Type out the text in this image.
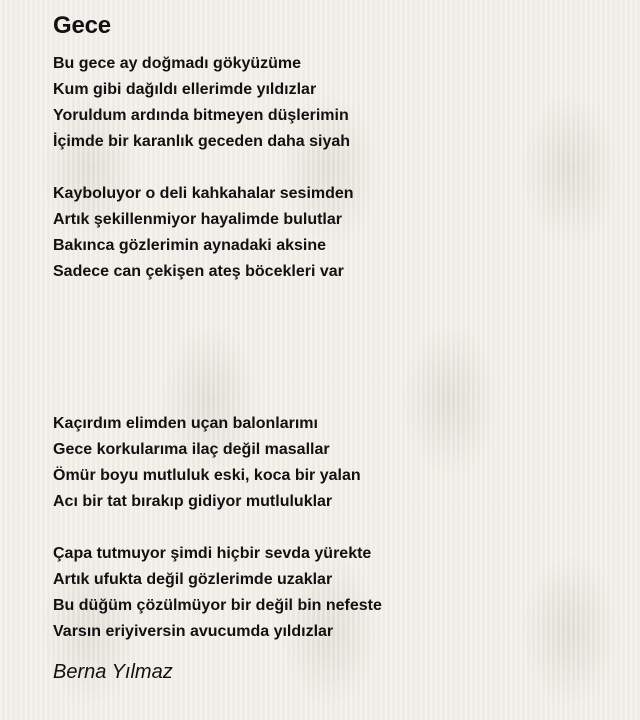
Gece
Bu gece ay doğmadı gökyüzüme
Kum gibi dağıldı ellerimde yıldızlar
Yoruldum ardında bitmeyen düşlerimin
İçimde bir karanlık geceden daha siyah
Kayboluyor o deli kahkahalar sesimden
Artık şekillenmiyor hayalimde bulutlar
Bakınca gözlerimin aynadaki aksine
Sadece can çekişen ateş böcekleri var
Kaçırdım elimden uçan balonlarımı
Gece korkularıma ilaç değil masallar
Ömür boyu mutluluk eski, koca bir yalan
Acı bir tat bırakıp gidiyor mutluluklar
Çapa tutmuyor şimdi hiçbir sevda yürekte
Artık ufukta değil gözlerimde uzaklar
Bu düğüm çözülmüyor bir değil bin nefeste
Varsın eriyiversin avucumda yıldızlar
Berna Yılmaz
